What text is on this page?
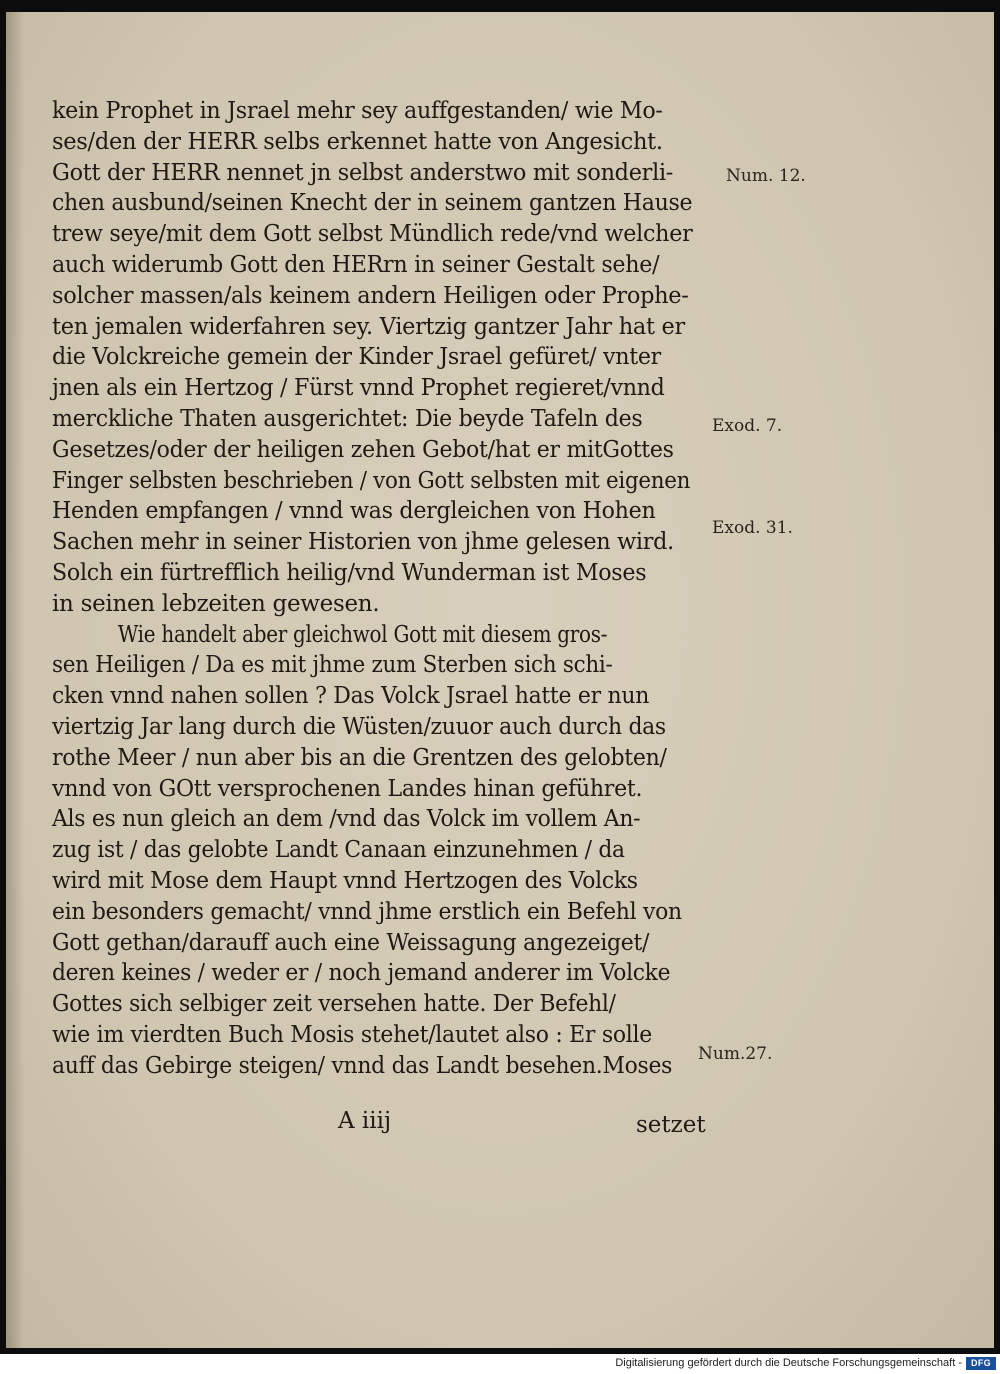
kein Prophet in Jsrael mehr sey auffgestanden/ wie Mo-
ses/den der HERR selbs erkennet hatte von Angesicht.
Gott der HERR nennet jn selbst anderstwo mit sonderli-
chen ausbund/seinen Knecht der in seinem gantzen Hause
trew seye/mit dem Gott selbst Mündlich rede/vnd welcher
auch widerumb Gott den HERrn in seiner Gestalt sehe/
solcher massen/als keinem andern Heiligen oder Prophe-
ten jemalen widerfahren sey. Viertzig gantzer Jahr hat er
die Volckreiche gemein der Kinder Jsrael gefüret/ vnter
jnen als ein Hertzog / Fürst vnnd Prophet regieret/vnnd
merckliche Thaten ausgerichtet: Die beyde Tafeln des
Gesetzes/oder der heiligen zehen Gebot/hat er mitGottes
Finger selbsten beschrieben / von Gott selbsten mit eigenen
Henden empfangen / vnnd was dergleichen von Hohen
Sachen mehr in seiner Historien von jhme gelesen wird.
Solch ein fürtrefflich heilig/vnd Wunderman ist Moses
in seinen lebzeiten gewesen.
Wie handelt aber gleichwol Gott mit diesem gros-
sen Heiligen / Da es mit jhme zum Sterben sich schi-
cken vnnd nahen sollen ? Das Volck Jsrael hatte er nun
viertzig Jar lang durch die Wüsten/zuuor auch durch das
rothe Meer / nun aber bis an die Grentzen des gelobten/
vnnd von GOtt versprochenen Landes hinan geführet.
Als es nun gleich an dem /vnd das Volck im vollem An-
zug ist / das gelobte Landt Canaan einzunehmen / da
wird mit Mose dem Haupt vnnd Hertzogen des Volcks
ein besonders gemacht/ vnnd jhme erstlich ein Befehl von
Gott gethan/darauff auch eine Weissagung angezeiget/
deren keines / weder er / noch jemand anderer im Volcke
Gottes sich selbiger zeit versehen hatte. Der Befehl/
wie im vierdten Buch Mosis stehet/lautet also : Er solle
auff das Gebirge steigen/ vnnd das Landt besehen.Moses
Num. 12.
Exod. 7.
Exod. 31.
Num.27.
A iiij	setzet
Digitalisierung gefördert durch die Deutsche Forschungsgemeinschaft -	DFG
